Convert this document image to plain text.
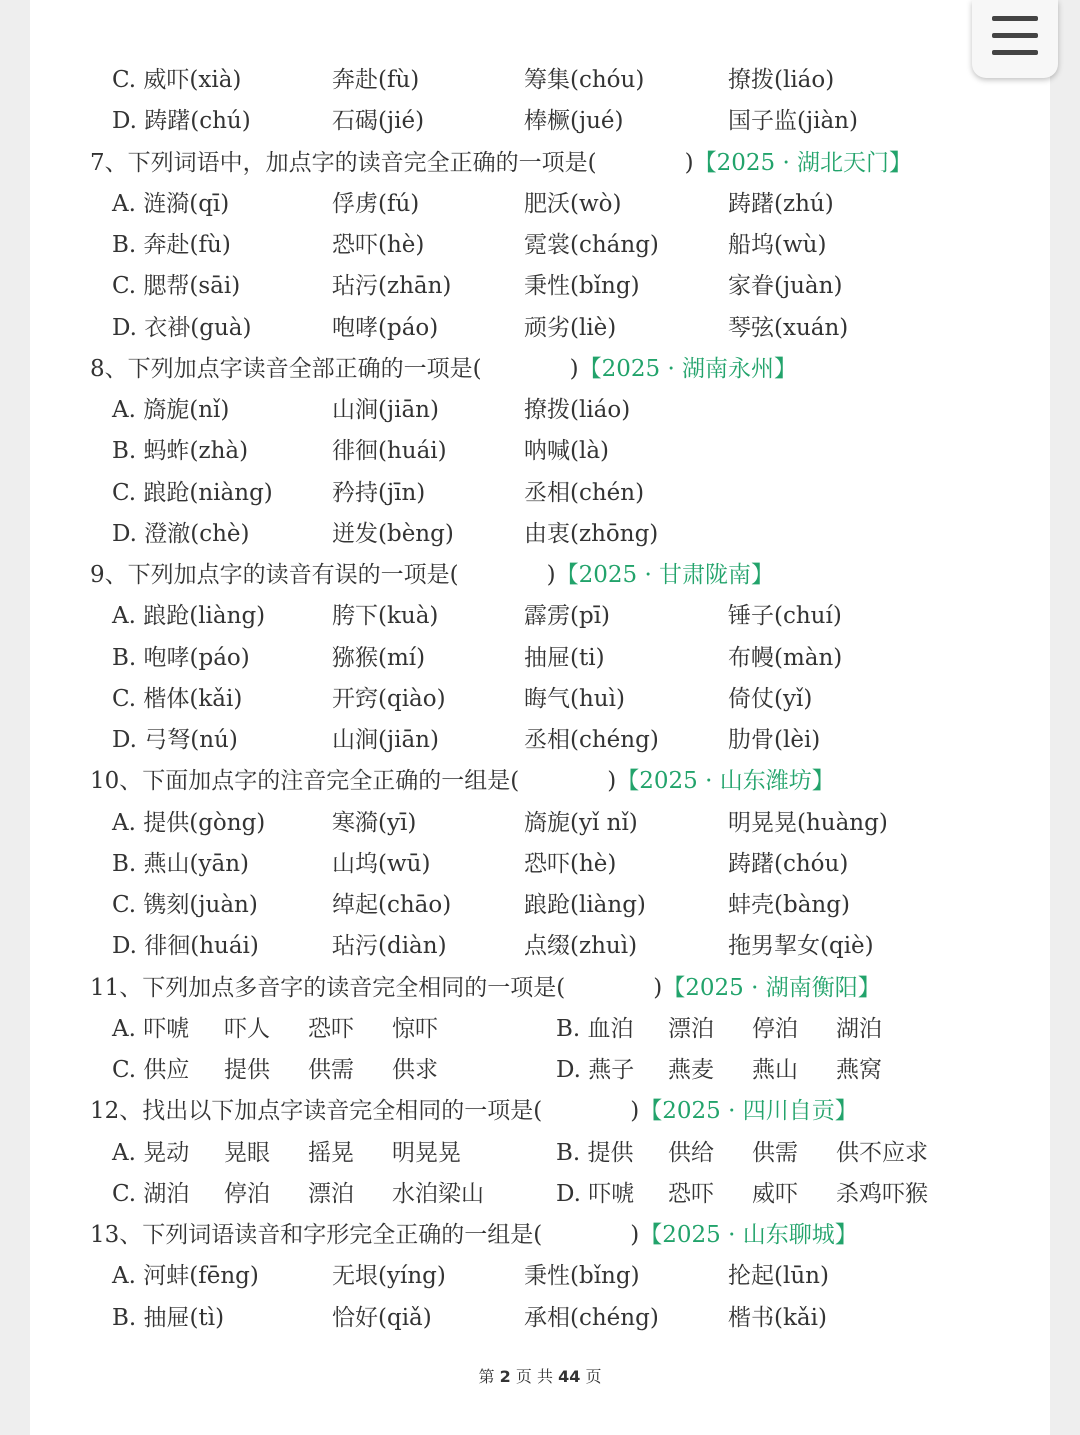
C. 威吓(xià)	奔赴(fù)	筹集(chóu)	撩拨(liáo)
D. 踌躇(chú)	石碣(jié)	棒橛(jué)	国子监(jiàn)
7、下列词语中，加点字的读音完全正确的一项是(	)【2025 · 湖北天门】
A. 涟漪(qī)	俘虏(fú)	肥沃(wò)	踌躇(zhú)
B. 奔赴(fù)	恐吓(hè)	霓裳(cháng)	船坞(wù)
C. 腮帮(sāi)	玷污(zhān)	秉性(bǐng)	家眷(juàn)
D. 衣褂(guà)	咆哮(páo)	顽劣(liè)	琴弦(xuán)
8、下列加点字读音全部正确的一项是(	)【2025 · 湖南永州】
A. 旖旎(nǐ)	山涧(jiān)	撩拨(liáo)
B. 蚂蚱(zhà)	徘徊(huái)	呐喊(là)
C. 踉跄(niàng)	矜持(jīn)	丞相(chén)
D. 澄澈(chè)	迸发(bèng)	由衷(zhōng)
9、下列加点字的读音有误的一项是(	)【2025 · 甘肃陇南】
A. 踉跄(liàng)	胯下(kuà)	霹雳(pī)	锤子(chuí)
B. 咆哮(páo)	猕猴(mí)	抽屉(ti)	布幔(màn)
C. 楷体(kǎi)	开窍(qiào)	晦气(huì)	倚仗(yǐ)
D. 弓弩(nú)	山涧(jiān)	丞相(chéng)	肋骨(lèi)
10、下面加点字的注音完全正确的一组是(	)【2025 · 山东潍坊】
A. 提供(gòng)	寒漪(yī)	旖旎(yǐ nǐ)	明晃晃(huàng)
B. 燕山(yān)	山坞(wū)	恐吓(hè)	踌躇(chóu)
C. 镌刻(juàn)	绰起(chāo)	踉跄(liàng)	蚌壳(bàng)
D. 徘徊(huái)	玷污(diàn)	点缀(zhuì)	拖男挈女(qiè)
11、下列加点多音字的读音完全相同的一项是(	)【2025 · 湖南衡阳】
A. 吓唬 吓人 恐吓 惊吓	B. 血泊 漂泊 停泊 湖泊
C. 供应 提供 供需 供求	D. 燕子 燕麦 燕山 燕窝
12、找出以下加点字读音完全相同的一项是(	)【2025 · 四川自贡】
A. 晃动 晃眼 摇晃 明晃晃	B. 提供 供给 供需 供不应求
C. 湖泊 停泊 漂泊 水泊梁山	D. 吓唬 恐吓 威吓 杀鸡吓猴
13、下列词语读音和字形完全正确的一组是(	)【2025 · 山东聊城】
A. 河蚌(fēng)	无垠(yíng)	秉性(bǐng)	抡起(lūn)
B. 抽屉(tì)	恰好(qiǎ)	承相(chéng)	楷书(kǎi)
第 2 页 共 44 页
